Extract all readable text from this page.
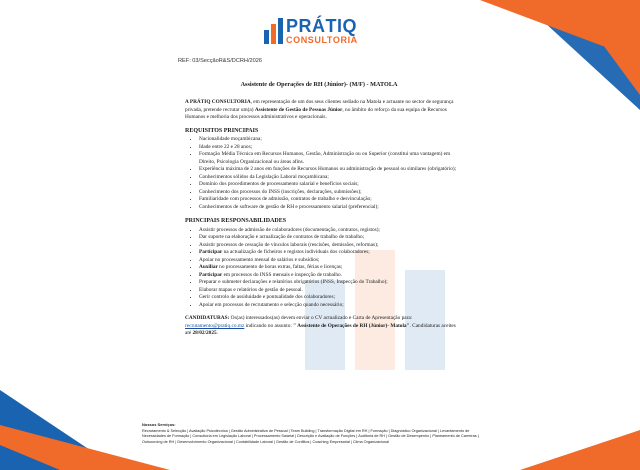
PRÁTIQ
CONSULTORIA
REF: 03/SecçãoR&S/DCRH/2026
Assistente de Operações de RH (Júnior)- (M/F) - MATOLA

A PRÁTIQ CONSULTORIA, em representação de um dos seus clientes sediado na Matola e actuante no sector de segurança privada, pretende recrutar um(a) Assistente de Gestão de Pessoas Júnior, no âmbito do reforço da sua equipa de Recursos Humanos e melhoria dos processos administrativos e operacionais.

REQUISITOS PRINCIPAIS
• Nacionalidade moçambicana;
• Idade entre 22 e 28 anos;
• Formação Média Técnica em Recursos Humanos, Gestão, Administração ou ou Superior (constitui uma vantagem) em Direito, Psicologia Organizacional ou áreas afins.
• Experiência máxima de 2 anos em funções de Recursos Humanos ou administração de pessoal ou similares (obrigatório);
• Conhecimentos sólidos da Legislação Laboral moçambicana;
• Domínio dos procedimentos de processamento salarial e benefícios sociais;
• Conhecimento dos processos do INSS (inscrições, declarações, submissões);
• Familiaridade com processos de admissão, contratos de trabalho e desvinculação;
• Conhecimentos de software de gestão de RH e processamento salarial (preferencial);
PRINCIPAIS RESPONSABILIDADES
• Assistir processos de admissão de colaboradores (documentação, contratos, registos);
• Dar suporte na elaboração e actualização de contratos de trabalho de trabalho;
• Assistir processos de cessação de vínculos laborais (rescisões, demissões, reformas);
• Participar na actualização de ficheiros e registos individuais dos colaboradores;
• Apoiar no processamento mensal de salários e subsídios;
• Auxiliar no processamento de horas extras, faltas, férias e licenças;
• Participar em processos do INSS mensais e inspecção de trabalho.
• Preparar e submeter declarações e relatórios obrigatórios (INSS, Inspecção do Trabalho);
• Elaborar mapas e relatórios de gestão de pessoal.
• Gerir controlo de assiduidade e pontualidade dos colaboradores;
• Apoiar em processos de recrutamento e selecção quando necessário;

CANDIDATURAS: Os(as) interessados(as) devem enviar o CV actualizado e Carta de Apresentação para: recrutamento@pratiq.co.mz indicando no assunto: " Assistente de Operações de RH (Júnior)- Matola". Candidaturas aceites até 28/02/2025.

Nossos Serviços:
Recrutamento & Selecção | Avaliação Psicotécnica | Gestão Administrativa de Pessoal | Team Building | Transformação Digital em RH | Formação | Diagnóstico Organizacional | Levantamento de Necessidades de Formação | Consultoria em Legislação Laboral | Processamento Salarial | Descrição e Avaliação de Funções | Auditoria de RH | Gestão de Desempenho | Planeamento de Carreiras | Outsourcing de RH | Desenvolvimento Organizacional | Contabilidade Laboral | Gestão de Conflitos | Coaching Empresarial | Clima Organizacional
